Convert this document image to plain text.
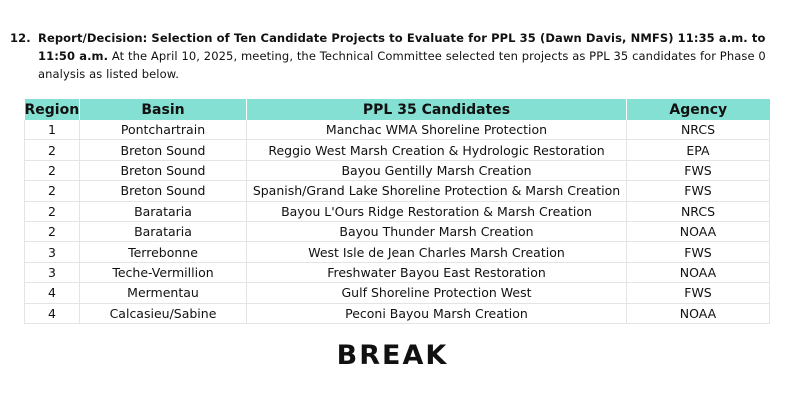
12. Report/Decision: Selection of Ten Candidate Projects to Evaluate for PPL 35 (Dawn Davis, NMFS) 11:35 a.m. to 11:50 a.m. At the April 10, 2025, meeting, the Technical Committee selected ten projects as PPL 35 candidates for Phase 0 analysis as listed below.
Region	Basin	PPL 35 Candidates	Agency
1	Pontchartrain	Manchac WMA Shoreline Protection	NRCS
2	Breton Sound	Reggio West Marsh Creation & Hydrologic Restoration	EPA
2	Breton Sound	Bayou Gentilly Marsh Creation	FWS
2	Breton Sound	Spanish/Grand Lake Shoreline Protection & Marsh Creation	FWS
2	Barataria	Bayou L'Ours Ridge Restoration & Marsh Creation	NRCS
2	Barataria	Bayou Thunder Marsh Creation	NOAA
3	Terrebonne	West Isle de Jean Charles Marsh Creation	FWS
3	Teche-Vermillion	Freshwater Bayou East Restoration	NOAA
4	Mermentau	Gulf Shoreline Protection West	FWS
4	Calcasieu/Sabine	Peconi Bayou Marsh Creation	NOAA
BREAK
